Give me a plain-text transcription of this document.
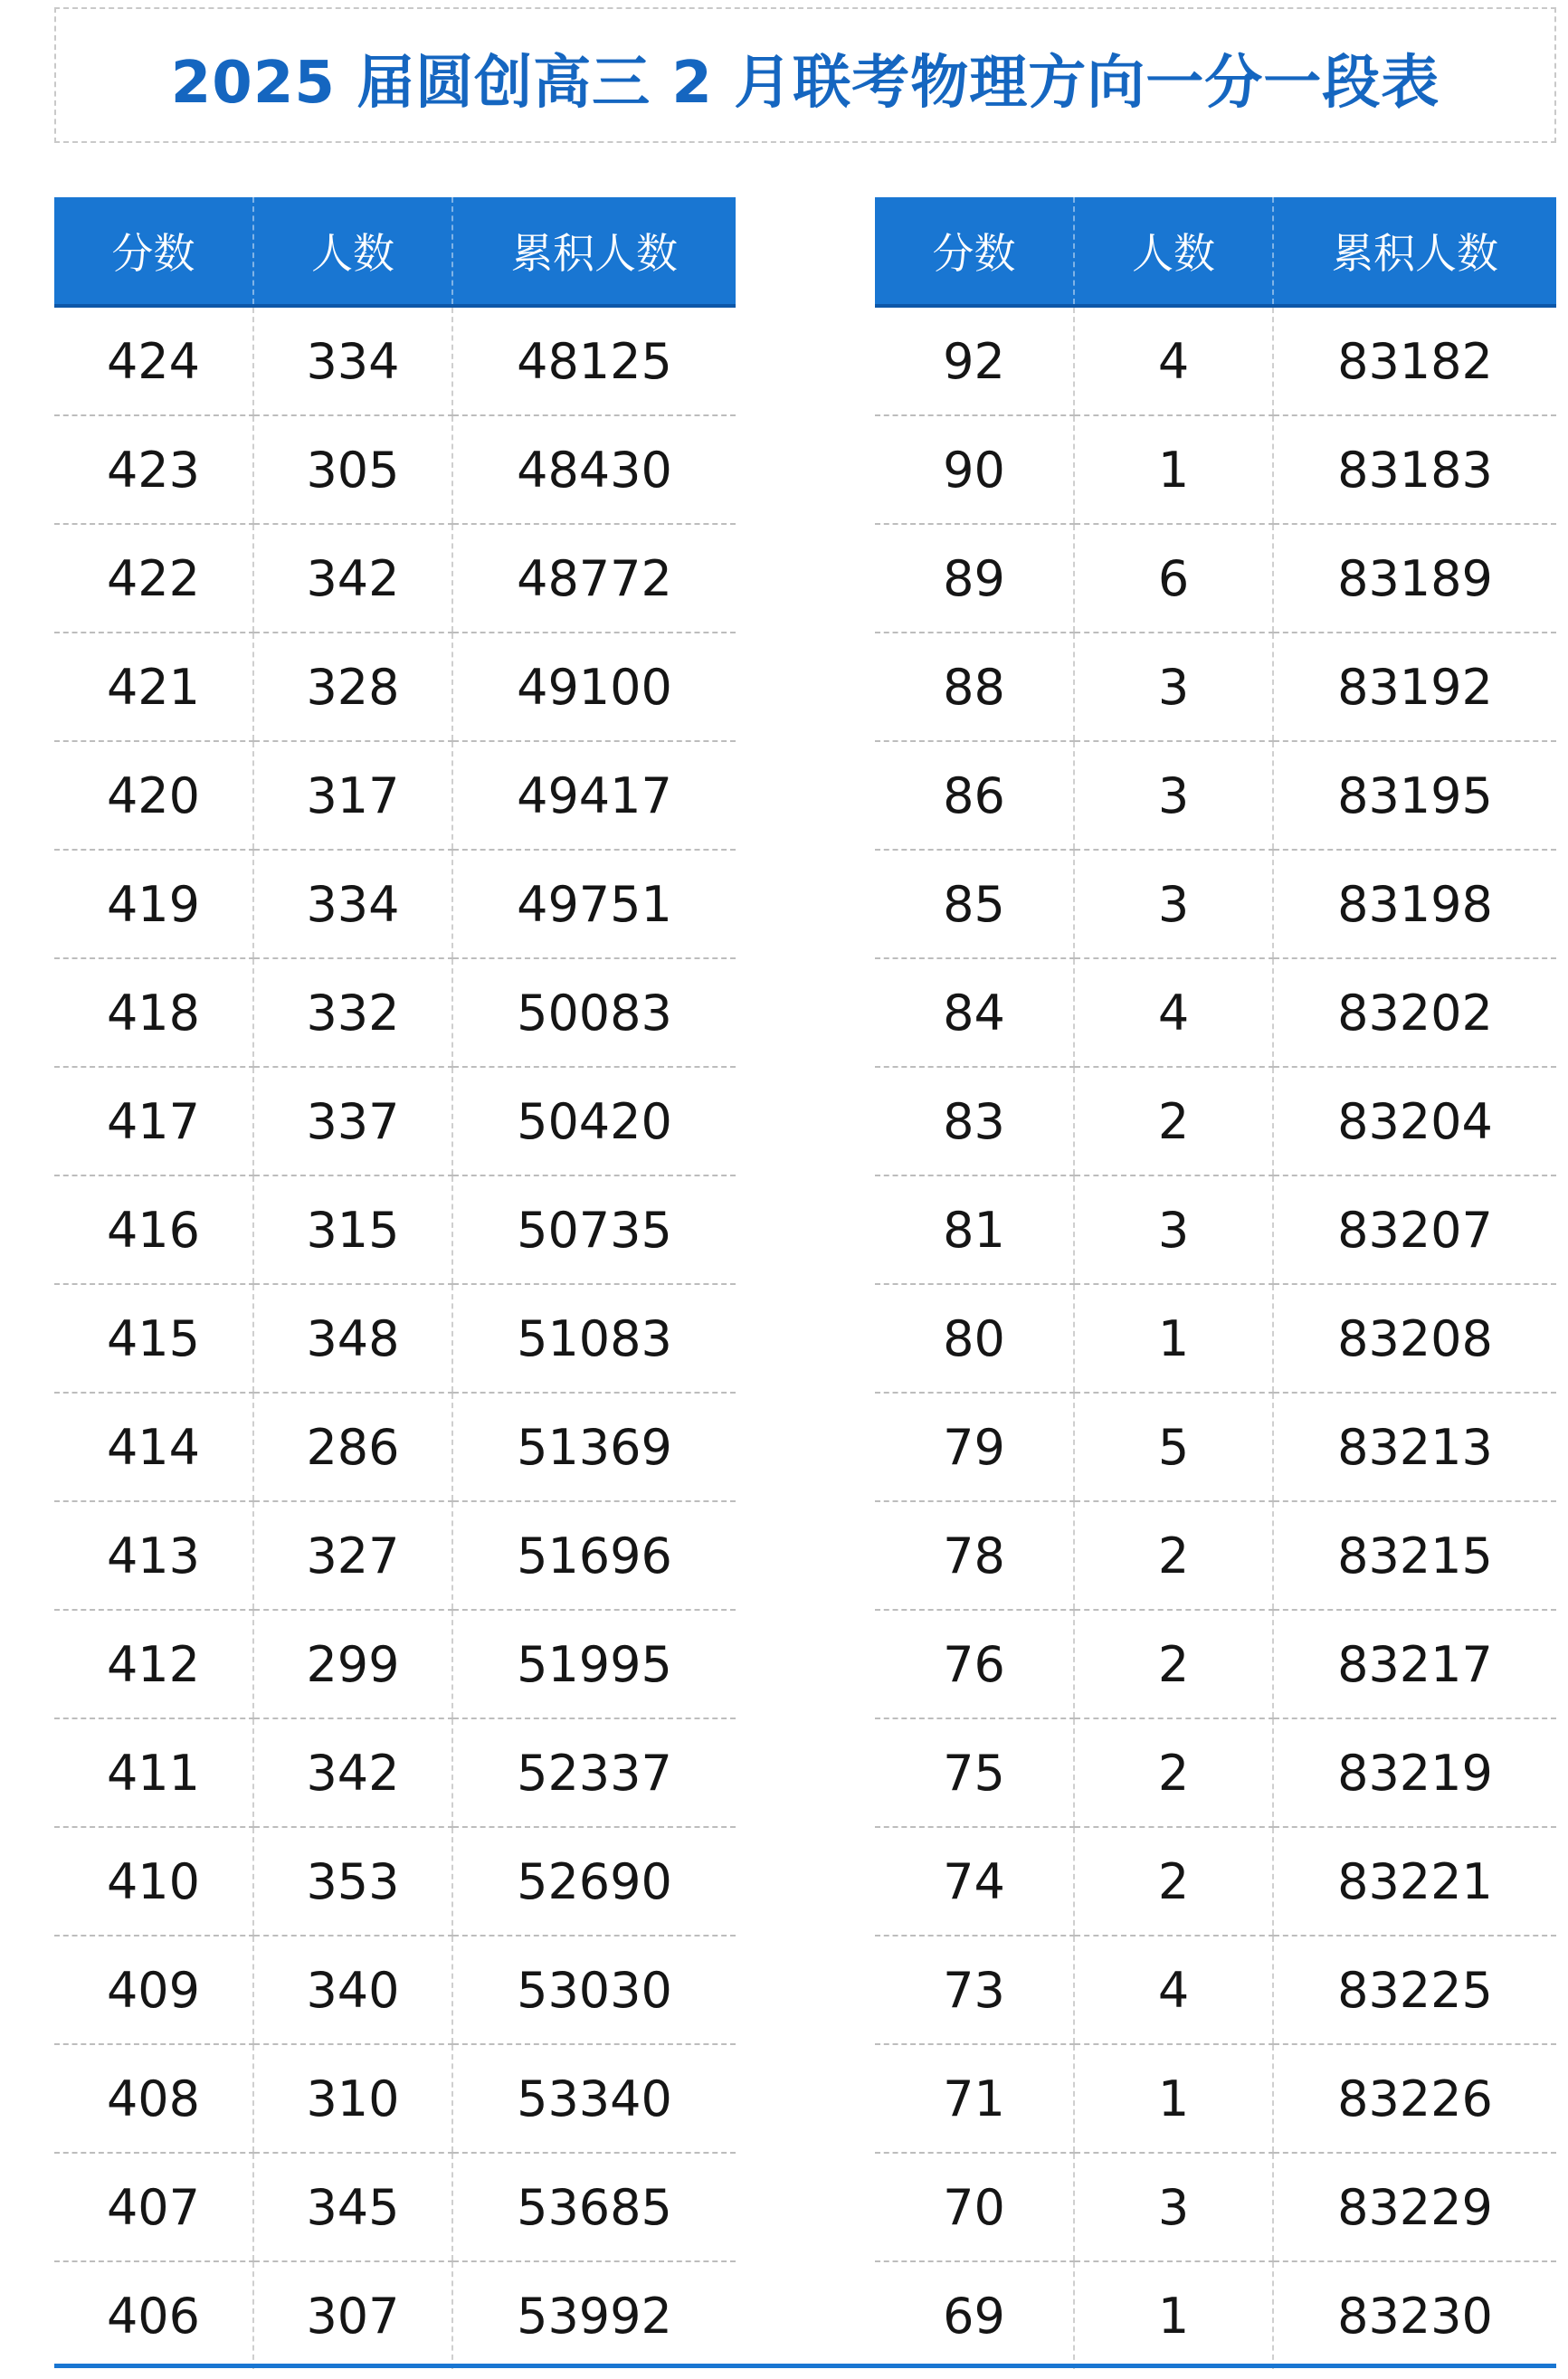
2025 届圆创高三 2 月联考物理方向一分一段表
分数	人数	累积人数
424	334	48125
423	305	48430
422	342	48772
421	328	49100
420	317	49417
419	334	49751
418	332	50083
417	337	50420
416	315	50735
415	348	51083
414	286	51369
413	327	51696
412	299	51995
411	342	52337
410	353	52690
409	340	53030
408	310	53340
407	345	53685
406	307	53992
分数	人数	累积人数
92	4	83182
90	1	83183
89	6	83189
88	3	83192
86	3	83195
85	3	83198
84	4	83202
83	2	83204
81	3	83207
80	1	83208
79	5	83213
78	2	83215
76	2	83217
75	2	83219
74	2	83221
73	4	83225
71	1	83226
70	3	83229
69	1	83230
